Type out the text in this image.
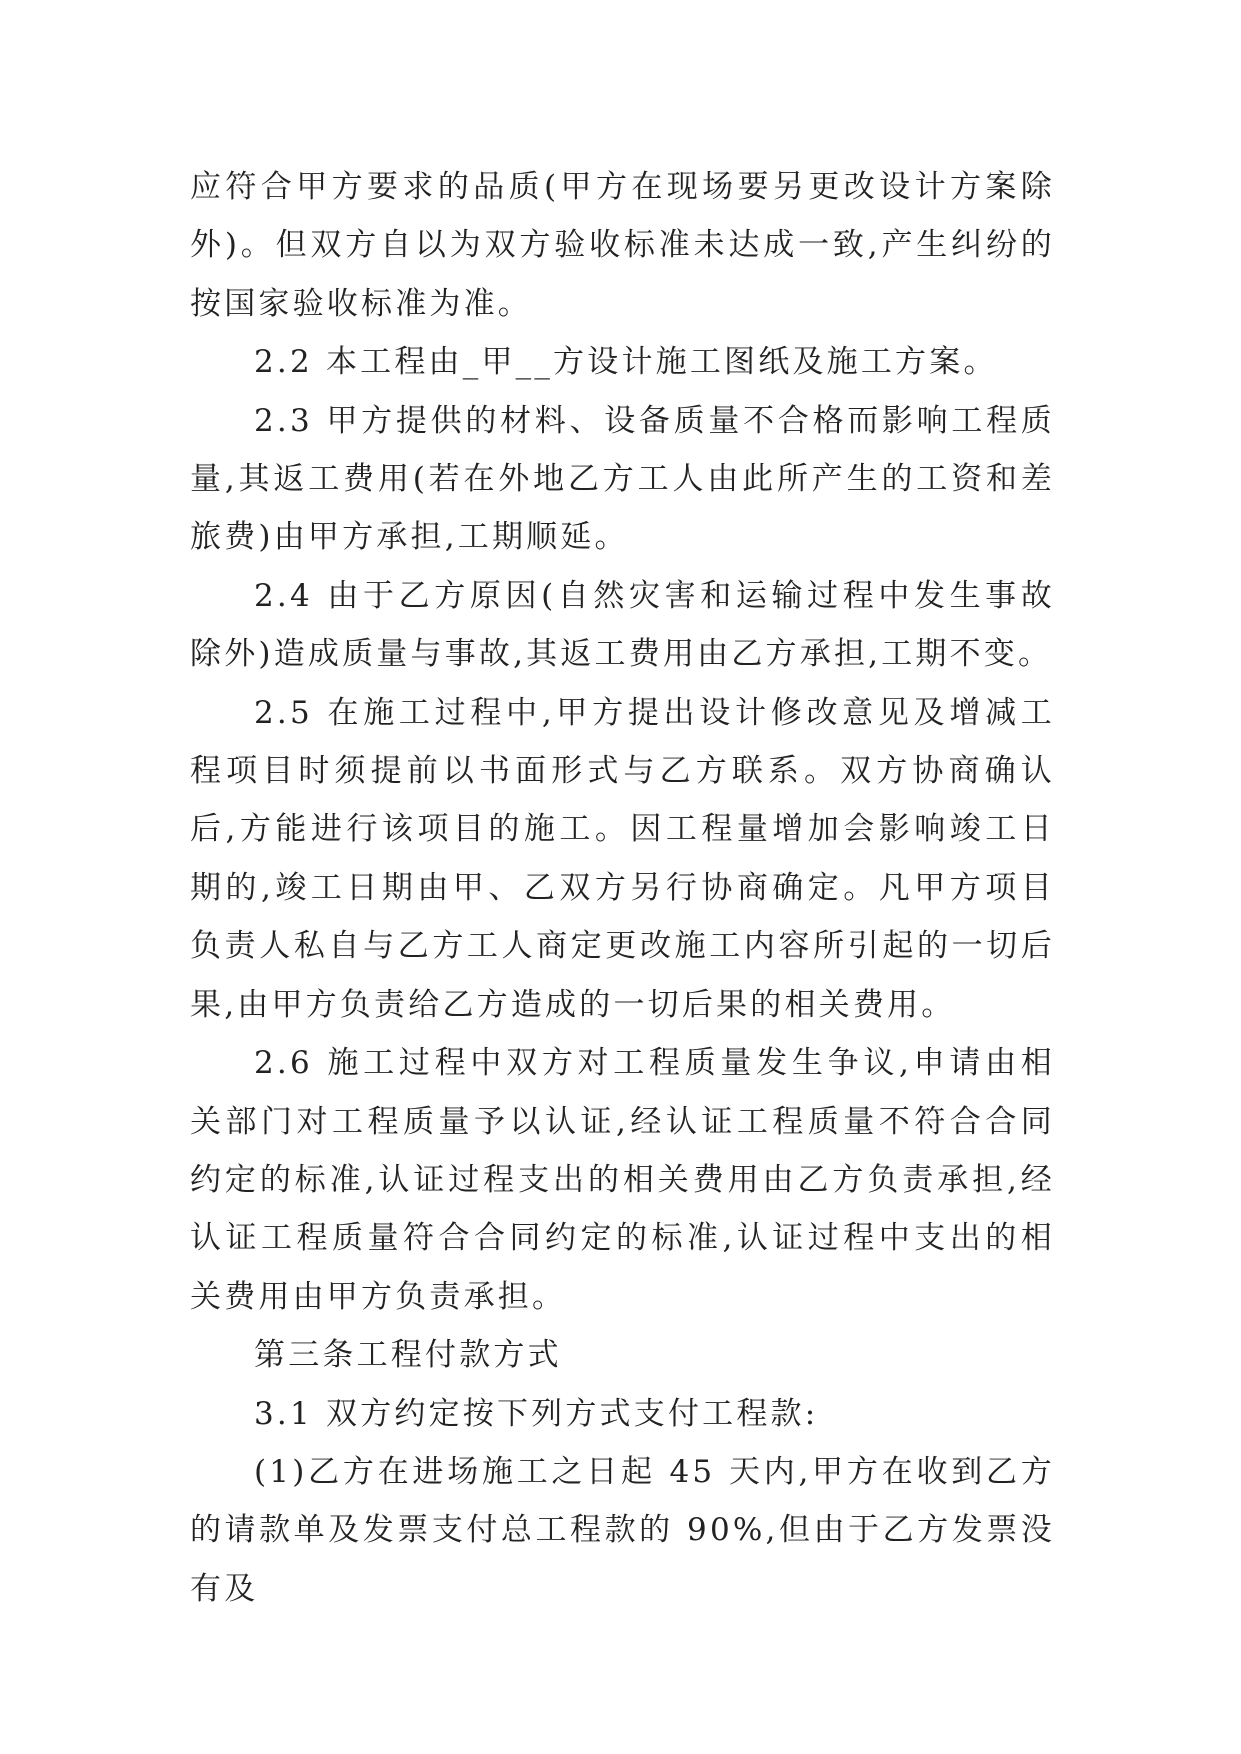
应符合甲方要求的品质(甲方在现场要另更改设计方案除外)。但双方自以为双方验收标准未达成一致,产生纠纷的按国家验收标准为准。

2.2 本工程由_甲__方设计施工图纸及施工方案。

2.3 甲方提供的材料、设备质量不合格而影响工程质量,其返工费用(若在外地乙方工人由此所产生的工资和差旅费)由甲方承担,工期顺延。

2.4 由于乙方原因(自然灾害和运输过程中发生事故除外)造成质量与事故,其返工费用由乙方承担,工期不变。

2.5 在施工过程中,甲方提出设计修改意见及增减工程项目时须提前以书面形式与乙方联系。双方协商确认后,方能进行该项目的施工。因工程量增加会影响竣工日期的,竣工日期由甲、乙双方另行协商确定。凡甲方项目负责人私自与乙方工人商定更改施工内容所引起的一切后果,由甲方负责给乙方造成的一切后果的相关费用。

2.6 施工过程中双方对工程质量发生争议,申请由相关部门对工程质量予以认证,经认证工程质量不符合合同约定的标准,认证过程支出的相关费用由乙方负责承担,经认证工程质量符合合同约定的标准,认证过程中支出的相关费用由甲方负责承担。

第三条工程付款方式

3.1 双方约定按下列方式支付工程款:

(1)乙方在进场施工之日起 45 天内,甲方在收到乙方的请款单及发票支付总工程款的 90%,但由于乙方发票没有及
